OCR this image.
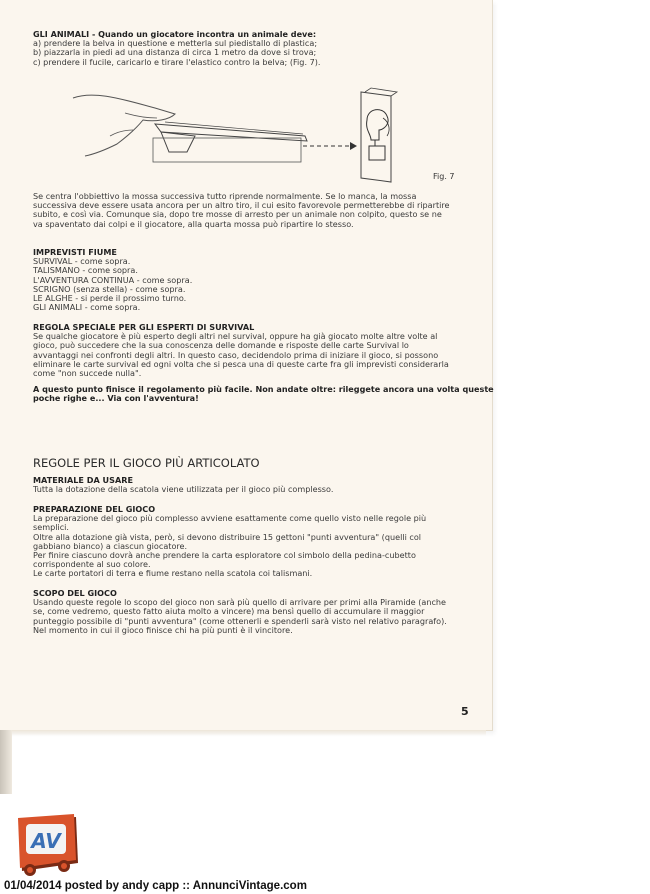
GLI ANIMALI - Quando un giocatore incontra un animale deve:

a) prendere la belva in questione e metterla sul piedistallo di plastica;

b) piazzarla in piedi ad una distanza di circa 1 metro da dove si trova;

c) prendere il fucile, caricarlo e tirare l'elastico contro la belva; (Fig. 7).

Fig. 7

Se centra l'obbiettivo la mossa successiva tutto riprende normalmente. Se lo manca, la mossa

successiva deve essere usata ancora per un altro tiro, il cui esito favorevole permetterebbe di ripartire

subito, e così via. Comunque sia, dopo tre mosse di arresto per un animale non colpito, questo se ne

va spaventato dai colpi e il giocatore, alla quarta mossa può ripartire lo stesso.

IMPREVISTI FIUME

SURVIVAL - come sopra.

TALISMANO - come sopra.

L'AVVENTURA CONTINUA - come sopra.

SCRIGNO (senza stella) - come sopra.

LE ALGHE - si perde il prossimo turno.

GLI ANIMALI - come sopra.

REGOLA SPECIALE PER GLI ESPERTI DI SURVIVAL

Se qualche giocatore è più esperto degli altri nel survival, oppure ha già giocato molte altre volte al

gioco, può succedere che la sua conoscenza delle domande e risposte delle carte Survival lo

avvantaggi nei confronti degli altri. In questo caso, decidendolo prima di iniziare il gioco, si possono

eliminare le carte survival ed ogni volta che si pesca una di queste carte fra gli imprevisti considerarla

come "non succede nulla".

A questo punto finisce il regolamento più facile. Non andate oltre: rileggete ancora una volta queste

poche righe e... Via con l'avventura!

REGOLE PER IL GIOCO PIÙ ARTICOLATO

MATERIALE DA USARE

Tutta la dotazione della scatola viene utilizzata per il gioco più complesso.

PREPARAZIONE DEL GIOCO

La preparazione del gioco più complesso avviene esattamente come quello visto nelle regole più

semplici.

Oltre alla dotazione già vista, però, si devono distribuire 15 gettoni "punti avventura" (quelli col

gabbiano bianco) a ciascun giocatore.

Per finire ciascuno dovrà anche prendere la carta esploratore col simbolo della pedina-cubetto

corrispondente al suo colore.

Le carte portatori di terra e fiume restano nella scatola coi talismani.

SCOPO DEL GIOCO

Usando queste regole lo scopo del gioco non sarà più quello di arrivare per primi alla Piramide (anche

se, come vedremo, questo fatto aiuta molto a vincere) ma bensì quello di accumulare il maggior

punteggio possibile di "punti avventura" (come ottenerli e spenderli sarà visto nel relativo paragrafo).

Nel momento in cui il gioco finisce chi ha più punti è il vincitore.

5
AV
01/04/2014 posted by andy capp :: AnnunciVintage.com
